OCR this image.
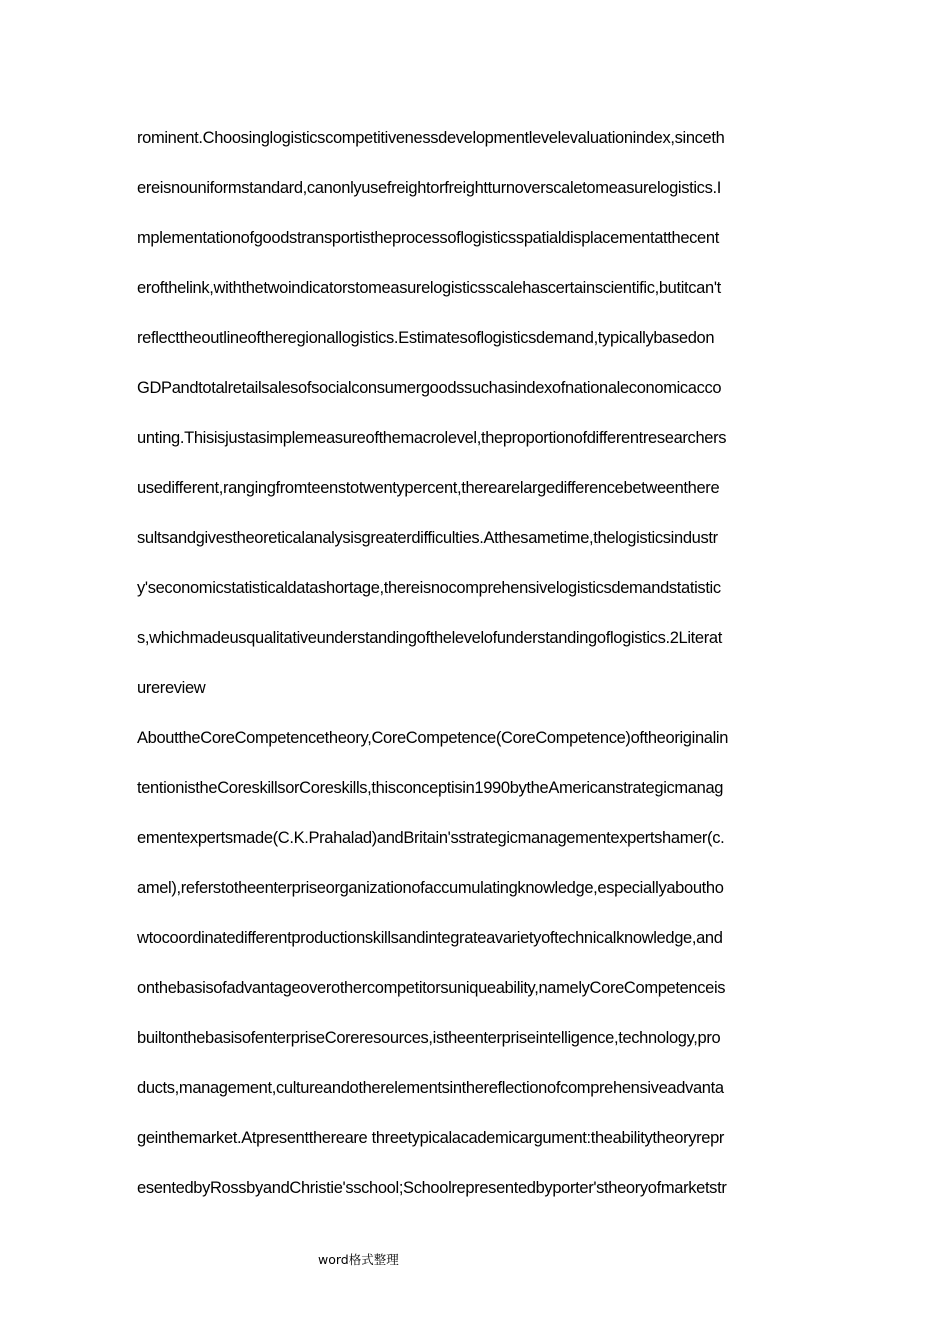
rominent.Choosinglogisticscompetitivenessdevelopmentlevelevaluationindex,sinceth
ereisnouniformstandard,canonlyusefreightorfreightturnoverscaletomeasurelogistics.I
mplementationofgoodstransportistheprocessoflogisticsspatialdisplacementatthecent
erofthelink,withthetwoindicatorstomeasurelogisticsscalehascertainscientific,butitcan't
reflecttheoutlineoftheregionallogistics.Estimatesoflogisticsdemand,typicallybasedon
GDPandtotalretailsalesofsocialconsumergoodssuchasindexofnationaleconomicacco
unting.Thisisjustasimplemeasureofthemacrolevel,theproportionofdifferentresearchers
usedifferent,rangingfromteenstotwentypercent,therearelargedifferencebetweenthere
sultsandgivestheoreticalanalysisgreaterdifficulties.Atthesametime,thelogisticsindustr
y'seconomicstatisticaldatashortage,thereisnocomprehensivelogisticsdemandstatistic
s,whichmadeusqualitativeunderstandingofthelevelofunderstandingoflogistics.2Literat
urereview
AbouttheCoreCompetencetheory,CoreCompetence(CoreCompetence)oftheoriginalin
tentionistheCoreskillsorCoreskills,thisconceptisin1990bytheAmericanstrategicmanag
ementexpertsmade(C.K.Prahalad)andBritain'sstrategicmanagementexpertshamer(c.
amel),referstotheenterpriseorganizationofaccumulatingknowledge,especiallyaboutho
wtocoordinatedifferentproductionskillsandintegrateavarietyoftechnicalknowledge,and
onthebasisofadvantageoverothercompetitorsuniqueability,namelyCoreCompetenceis
builtonthebasisofenterpriseCoreresources,istheenterpriseintelligence,technology,pro
ducts,management,cultureandotherelementsinthereflectionofcomprehensiveadvanta
geinthemarket.Atpresentthereare threetypicalacademicargument:theabilitytheoryrepr
esentedbyRossbyandChristie'sschool;Schoolrepresentedbyporter'stheoryofmarketstr
word格式整理
